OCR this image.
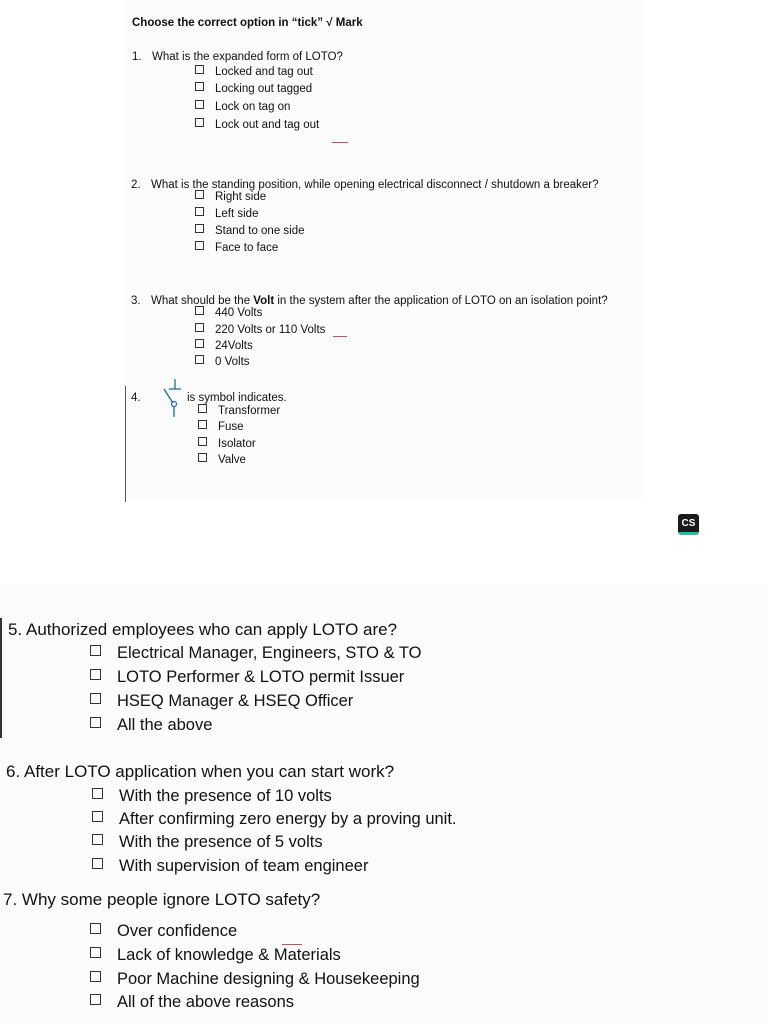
Choose the correct option in “tick” √ Mark
1. What is the expanded form of LOTO?
Locked and tag out
Locking out tagged
Lock on tag on
Lock out and tag out
2. What is the standing position, while opening electrical disconnect / shutdown a breaker?
Right side
Left side
Stand to one side
Face to face
3. What should be the Volt in the system after the application of LOTO on an isolation point?
440 Volts
220 Volts or 110 Volts
24Volts
0 Volts
4.	is symbol indicates.
Transformer
Fuse
Isolator
Valve
CS
5. Authorized employees who can apply LOTO are?
Electrical Manager, Engineers, STO & TO
LOTO Performer & LOTO permit Issuer
HSEQ Manager & HSEQ Officer
All the above
6. After LOTO application when you can start work?
With the presence of 10 volts
After confirming zero energy by a proving unit.
With the presence of 5 volts
With supervision of team engineer
7. Why some people ignore LOTO safety?
Over confidence
Lack of knowledge & Materials
Poor Machine designing & Housekeeping
All of the above reasons
